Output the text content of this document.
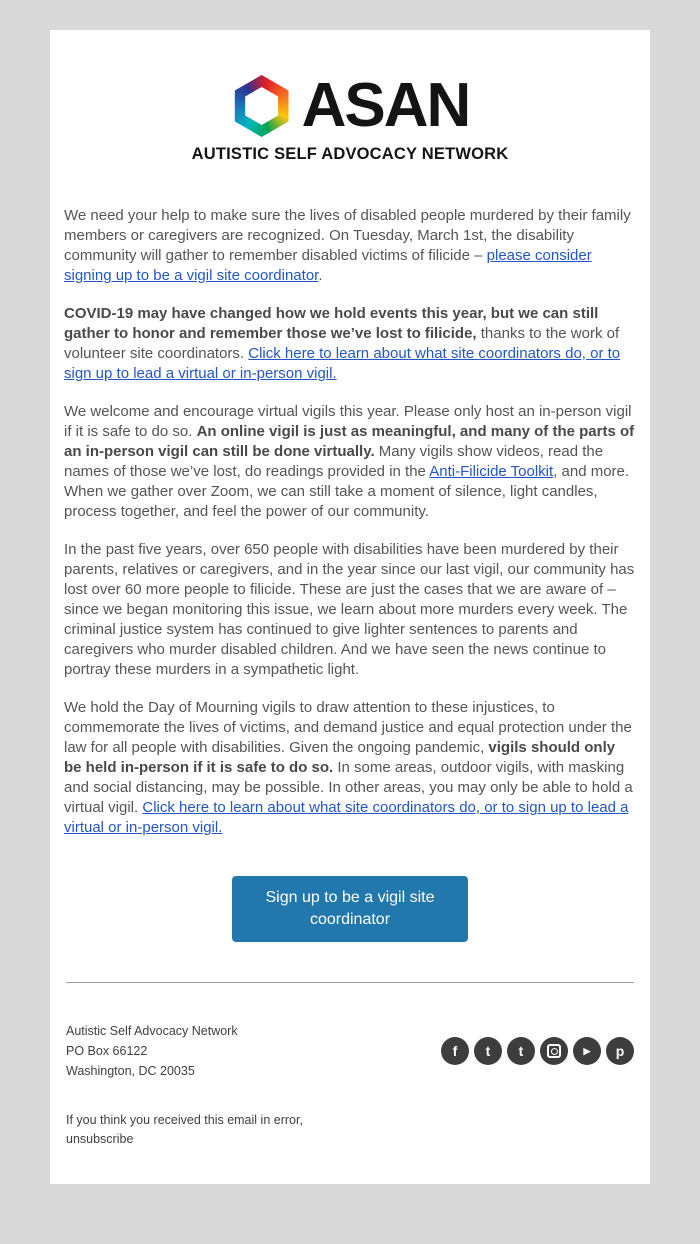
ASAN
AUTISTIC SELF ADVOCACY NETWORK

We need your help to make sure the lives of disabled people murdered by their family members or caregivers are recognized. On Tuesday, March 1st, the disability community will gather to remember disabled victims of filicide – please consider signing up to be a vigil site coordinator.

COVID-19 may have changed how we hold events this year, but we can still gather to honor and remember those we’ve lost to filicide, thanks to the work of volunteer site coordinators. Click here to learn about what site coordinators do, or to sign up to lead a virtual or in-person vigil.

We welcome and encourage virtual vigils this year. Please only host an in-person vigil if it is safe to do so. An online vigil is just as meaningful, and many of the parts of an in-person vigil can still be done virtually. Many vigils show videos, read the names of those we’ve lost, do readings provided in the Anti-Filicide Toolkit, and more. When we gather over Zoom, we can still take a moment of silence, light candles, process together, and feel the power of our community.

In the past five years, over 650 people with disabilities have been murdered by their parents, relatives or caregivers, and in the year since our last vigil, our community has lost over 60 more people to filicide. These are just the cases that we are aware of – since we began monitoring this issue, we learn about more murders every week. The criminal justice system has continued to give lighter sentences to parents and caregivers who murder disabled children. And we have seen the news continue to portray these murders in a sympathetic light.

We hold the Day of Mourning vigils to draw attention to these injustices, to commemorate the lives of victims, and demand justice and equal protection under the law for all people with disabilities. Given the ongoing pandemic, vigils should only be held in-person if it is safe to do so. In some areas, outdoor vigils, with masking and social distancing, may be possible. In other areas, you may only be able to hold a virtual vigil. Click here to learn about what site coordinators do, or to sign up to lead a virtual or in-person vigil.

Sign up to be a vigil site coordinator
Autistic Self Advocacy Network
PO Box 66122
Washington, DC 20035
f t t	▶ p
If you think you received this email in error,
unsubscribe
